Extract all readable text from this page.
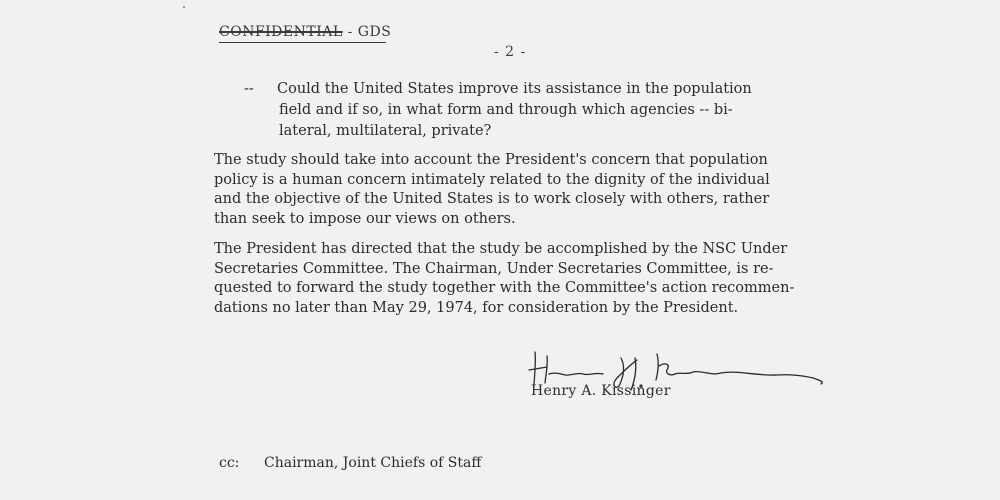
CONFIDENTIAL - GDS
- 2 -
-- Could the United States improve its assistance in the population
field and if so, in what form and through which agencies -- bi-
lateral, multilateral, private?
The study should take into account the President's concern that population
policy is a human concern intimately related to the dignity of the individual
and the objective of the United States is to work closely with others, rather
than seek to impose our views on others.
The President has directed that the study be accomplished by the NSC Under
Secretaries Committee. The Chairman, Under Secretaries Committee, is re-
quested to forward the study together with the Committee's action recommen-
dations no later than May 29, 1974, for consideration by the President.
Henry A. Kissinger
cc: Chairman, Joint Chiefs of Staff
